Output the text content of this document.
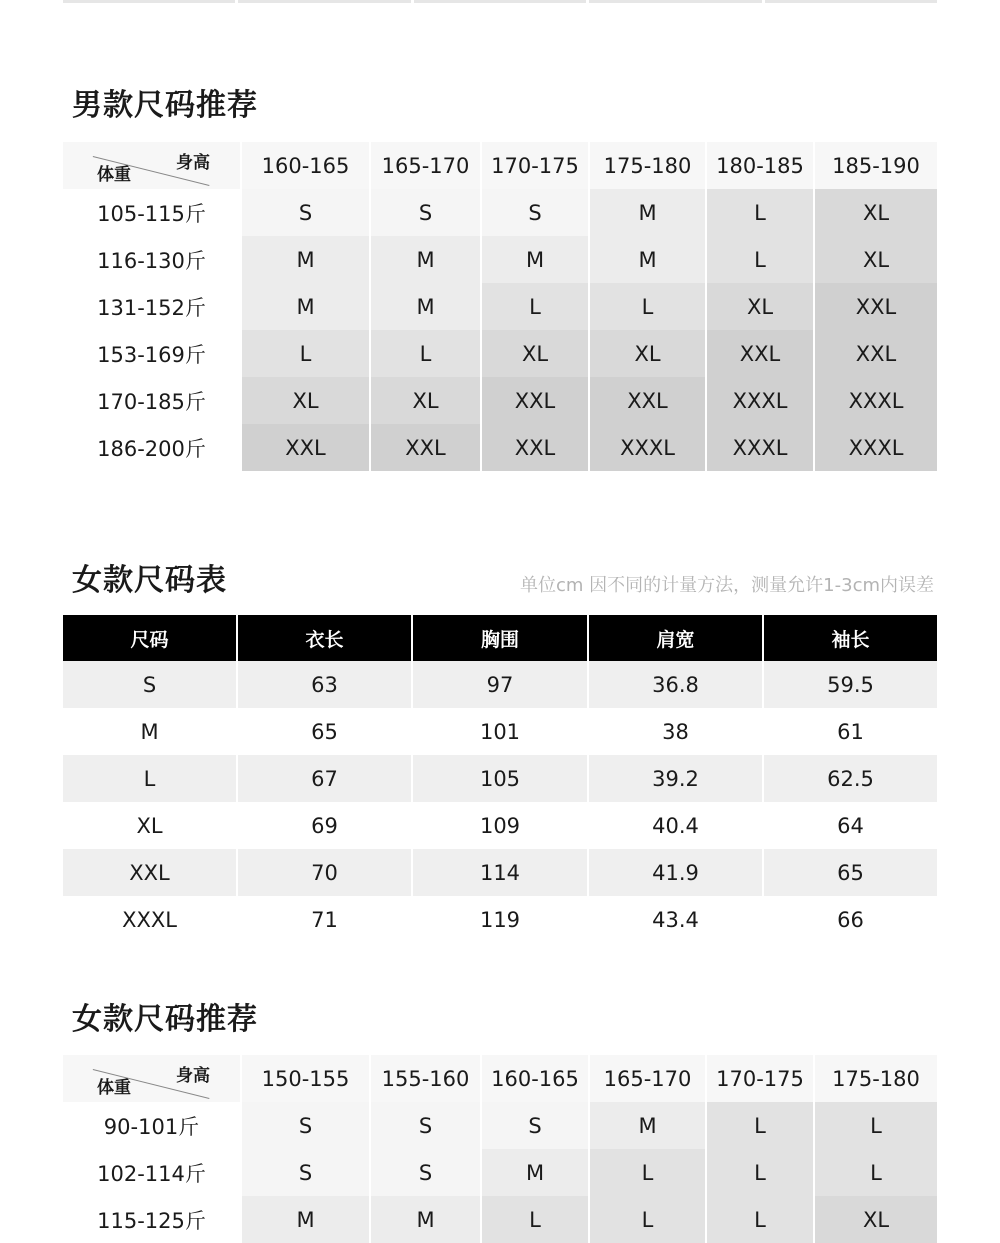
男款尺码推荐
身高
体重	160-165	165-170	170-175	175-180	180-185	185-190
105-115斤	S	S	S	M	L	XL
116-130斤	M	M	M	M	L	XL
131-152斤	M	M	L	L	XL	XXL
153-169斤	L	L	XL	XL	XXL	XXL
170-185斤	XL	XL	XXL	XXL	XXXL	XXXL
186-200斤	XXL	XXL	XXL	XXXL	XXXL	XXXL
女款尺码表	单位cm 因不同的计量方法，测量允许1-3cm内误差
尺码	衣长	胸围	肩宽	袖长
S	63	97	36.8	59.5
M	65	101	38	61
L	67	105	39.2	62.5
XL	69	109	40.4	64
XXL	70	114	41.9	65
XXXL	71	119	43.4	66
女款尺码推荐
身高
体重	150-155	155-160	160-165	165-170	170-175	175-180
90-101斤	S	S	S	M	L	L
102-114斤	S	S	M	L	L	L
115-125斤	M	M	L	L	L	XL
